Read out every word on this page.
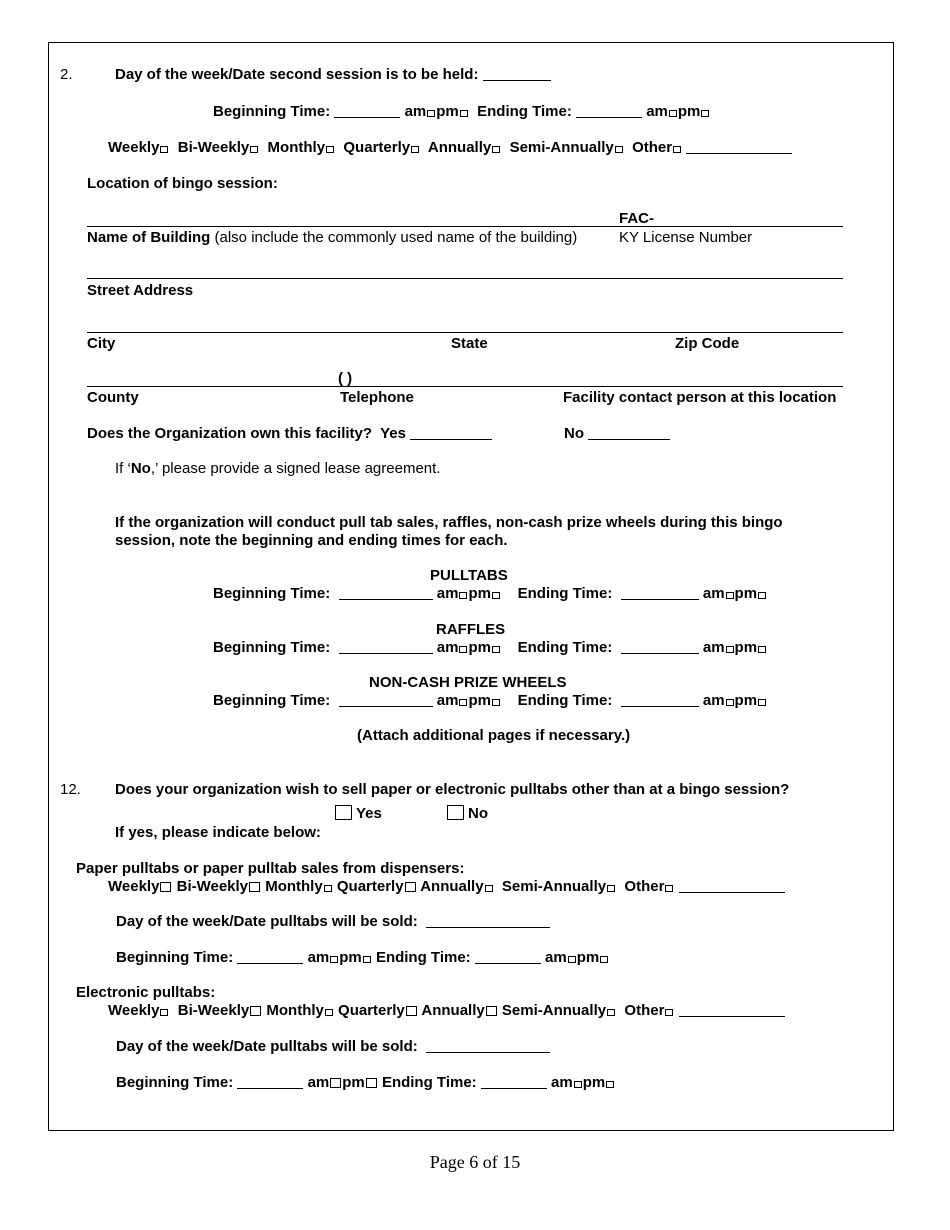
2.	Day of the week/Date second session is to be held:
Beginning Time:	am pm Ending Time:	am pm
Weekly Bi-Weekly Monthly Quarterly Annually Semi-Annually Other
Location of bingo session:
FAC-
Name of Building (also include the commonly used name of the building)	KY License Number
Street Address
City	State	Zip Code
( )
County	Telephone	Facility contact person at this location
Does the Organization own this facility? Yes	No
If ‘No,’ please provide a signed lease agreement.
If the organization will conduct pull tab sales, raffles, non-cash prize wheels during this bingo
session, note the beginning and ending times for each.
PULLTABS
Beginning Time:	am pm Ending Time:	am pm
RAFFLES
Beginning Time:	am pm Ending Time:	am pm
NON-CASH PRIZE WHEELS
Beginning Time:	am pm Ending Time:	am pm
(Attach additional pages if necessary.)
12. Does your organization wish to sell paper or electronic pulltabs other than at a bingo session?
Yes	No
If yes, please indicate below:
Paper pulltabs or paper pulltab sales from dispensers:
Weekly Bi-Weekly Monthly Quarterly Annually Semi-Annually Other
Day of the week/Date pulltabs will be sold:
Beginning Time:	am pm Ending Time:	am pm
Electronic pulltabs:
Weekly Bi-Weekly Monthly Quarterly Annually Semi-Annually Other
Day of the week/Date pulltabs will be sold:
Beginning Time:	am pm Ending Time:	am pm
Page 6 of 15
